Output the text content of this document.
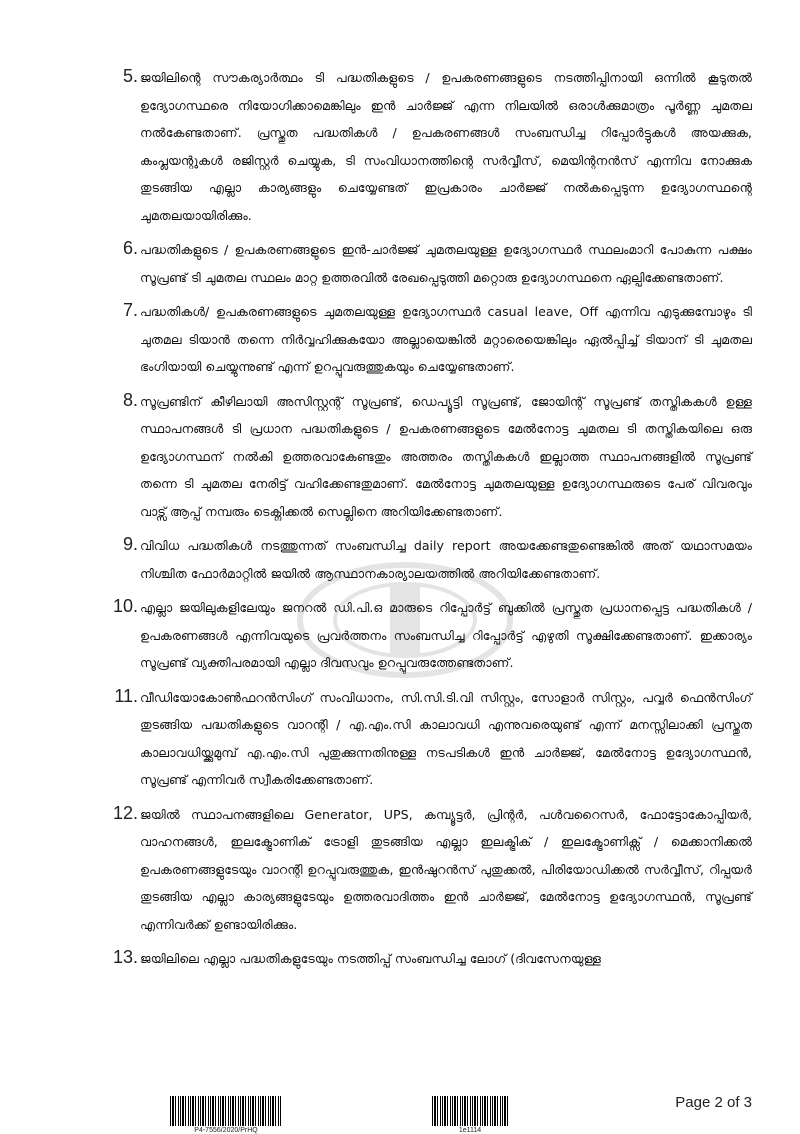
5. ജയിലിന്റെ സൗകര്യാർത്ഥം ടി പദ്ധതികളുടെ / ഉപകരണങ്ങളുടെ നടത്തിപ്പിനായി ഒന്നിൽ കൂടുതൽ ഉദ്യോഗസ്ഥരെ നിയോഗിക്കാമെങ്കിലും ഇൻ ചാർജ്ജ് എന്ന നിലയിൽ ഒരാൾക്കുമാത്രം പൂർണ്ണ ചുമതല നൽകേണ്ടതാണ്. പ്രസ്തുത പദ്ധതികൾ / ഉപകരണങ്ങൾ സംബന്ധിച്ച റിപ്പോർട്ടുകൾ അയക്കുക, കംപ്ലയന്റുകൾ രജിസ്റ്റർ ചെയ്യുക, ടി സംവിധാനത്തിന്റെ സർവ്വീസ്, മെയിന്റനൻസ് എന്നിവ നോക്കുക തുടങ്ങിയ എല്ലാ കാര്യങ്ങളും ചെയ്യേണ്ടത് ഇപ്രകാരം ചാർജ്ജ് നൽകപ്പെടുന്ന ഉദ്യോഗസ്ഥന്റെ ചുമതലയായിരിക്കും.
6. പദ്ധതികളുടെ / ഉപകരണങ്ങളുടെ ഇൻ-ചാർജ്ജ് ചുമതലയുള്ള ഉദ്യോഗസ്ഥർ സ്ഥലംമാറി പോകുന്ന പക്ഷം സൂപ്രണ്ട് ടി ചുമതല സ്ഥലം മാറ്റ ഉത്തരവിൽ രേഖപ്പെടുത്തി മറ്റൊരു ഉദ്യോഗസ്ഥനെ ഏല്പിക്കേണ്ടതാണ്.
7. പദ്ധതികൾ/ ഉപകരണങ്ങളുടെ ചുമതലയുള്ള ഉദ്യോഗസ്ഥർ casual leave, Off എന്നിവ എടുക്കുമ്പോഴും ടി ചുതമല ടിയാൻ തന്നെ നിർവ്വഹിക്കുകയോ അല്ലായെങ്കിൽ മറ്റാരെയെങ്കിലും ഏൽപ്പിച്ച് ടിയാന് ടി ചുമതല ഭംഗിയായി ചെയ്യുന്നുണ്ട് എന്ന് ഉറപ്പുവരുത്തുകയും ചെയ്യേണ്ടതാണ്.
8. സൂപ്രണ്ടിന് കീഴിലായി അസിസ്റ്റന്റ് സൂപ്രണ്ട്, ഡെപ്യൂട്ടി സൂപ്രണ്ട്, ജോയിന്റ് സൂപ്രണ്ട് തസ്തികകൾ ഉള്ള സ്ഥാപനങ്ങൾ ടി പ്രധാന പദ്ധതികളുടെ / ഉപകരണങ്ങളുടെ മേൽനോട്ട ചുമതല ടി തസ്തികയിലെ ഒരു ഉദ്യോഗസ്ഥന് നൽകി ഉത്തരവാകേണ്ടതും അത്തരം തസ്തികകൾ ഇല്ലാത്ത സ്ഥാപനങ്ങളിൽ സൂപ്രണ്ട് തന്നെ ടി ചുമതല നേരിട്ട് വഹിക്കേണ്ടതുമാണ്. മേൽനോട്ട ചുമതലയുള്ള ഉദ്യോഗസ്ഥരുടെ പേര് വിവരവും വാട്സ് ആപ്പ് നമ്പരും ടെക്നിക്കൽ സെല്ലിനെ അറിയിക്കേണ്ടതാണ്.
9. വിവിധ പദ്ധതികൾ നടത്തുന്നത് സംബന്ധിച്ച daily report അയക്കേണ്ടതുണ്ടെങ്കിൽ അത് യഥാസമയം നിശ്ചിത ഫോർമാറ്റിൽ ജയിൽ ആസ്ഥാനകാര്യാലയത്തിൽ അറിയിക്കേണ്ടതാണ്.
10. എല്ലാ ജയിലുകളിലേയും ജനറൽ ഡി.പി.ഒ മാരുടെ റിപ്പോർട്ട് ബുക്കിൽ പ്രസ്തുത പ്രധാനപ്പെട്ട പദ്ധതികൾ / ഉപകരണങ്ങൾ എന്നിവയുടെ പ്രവർത്തനം സംബന്ധിച്ച റിപ്പോർട്ട് എഴുതി സൂക്ഷിക്കേണ്ടതാണ്. ഇക്കാര്യം സൂപ്രണ്ട് വ്യക്തിപരമായി എല്ലാ ദിവസവും ഉറപ്പുവരുത്തേണ്ടതാണ്.
11. വീഡിയോകോൺഫറൻസിംഗ് സംവിധാനം, സി.സി.ടി.വി സിസ്റ്റം, സോളാർ സിസ്റ്റം, പവ്വർ ഫെൻസിംഗ് തുടങ്ങിയ പദ്ധതികളുടെ വാറന്റി / എ.എം.സി കാലാവധി എന്നുവരെയുണ്ട് എന്ന് മനസ്സിലാക്കി പ്രസ്തുത കാലാവധിയ്ക്കുമുമ്പ് എ.എം.സി പുതുക്കുന്നതിനുള്ള നടപടികൾ ഇൻ ചാർജ്ജ്, മേൽനോട്ട ഉദ്യോഗസ്ഥൻ, സൂപ്രണ്ട് എന്നിവർ സ്വീകരിക്കേണ്ടതാണ്.
12. ജയിൽ സ്ഥാപനങ്ങളിലെ Generator, UPS, കമ്പ്യൂട്ടർ, പ്രിന്റർ, പൾവറൈസർ, ഫോട്ടോകോപ്പിയർ, വാഹനങ്ങൾ, ഇലക്ട്രോണിക് ട്രോളി തുടങ്ങിയ എല്ലാ ഇലക്ട്രിക് / ഇലക്ട്രോണിക്സ് / മെക്കാനിക്കൽ ഉപകരണങ്ങളുടേയും വാറന്റി ഉറപ്പുവരുത്തുക, ഇൻഷുറൻസ് പുതുക്കൽ, പിരിയോഡിക്കൽ സർവ്വീസ്, റിപ്പയർ തുടങ്ങിയ എല്ലാ കാര്യങ്ങളുടേയും ഉത്തരവാദിത്തം ഇൻ ചാർജ്ജ്, മേൽനോട്ട ഉദ്യോഗസ്ഥൻ, സൂപ്രണ്ട് എന്നിവർക്ക് ഉണ്ടായിരിക്കും.
13. ജയിലിലെ എല്ലാ പദ്ധതികളുടേയും നടത്തിപ്പ് സംബന്ധിച്ച ലോഗ് (ദിവസേനയുള്ള
P4-7556/2020/PrHQ	1e1114
Page 2 of 3
